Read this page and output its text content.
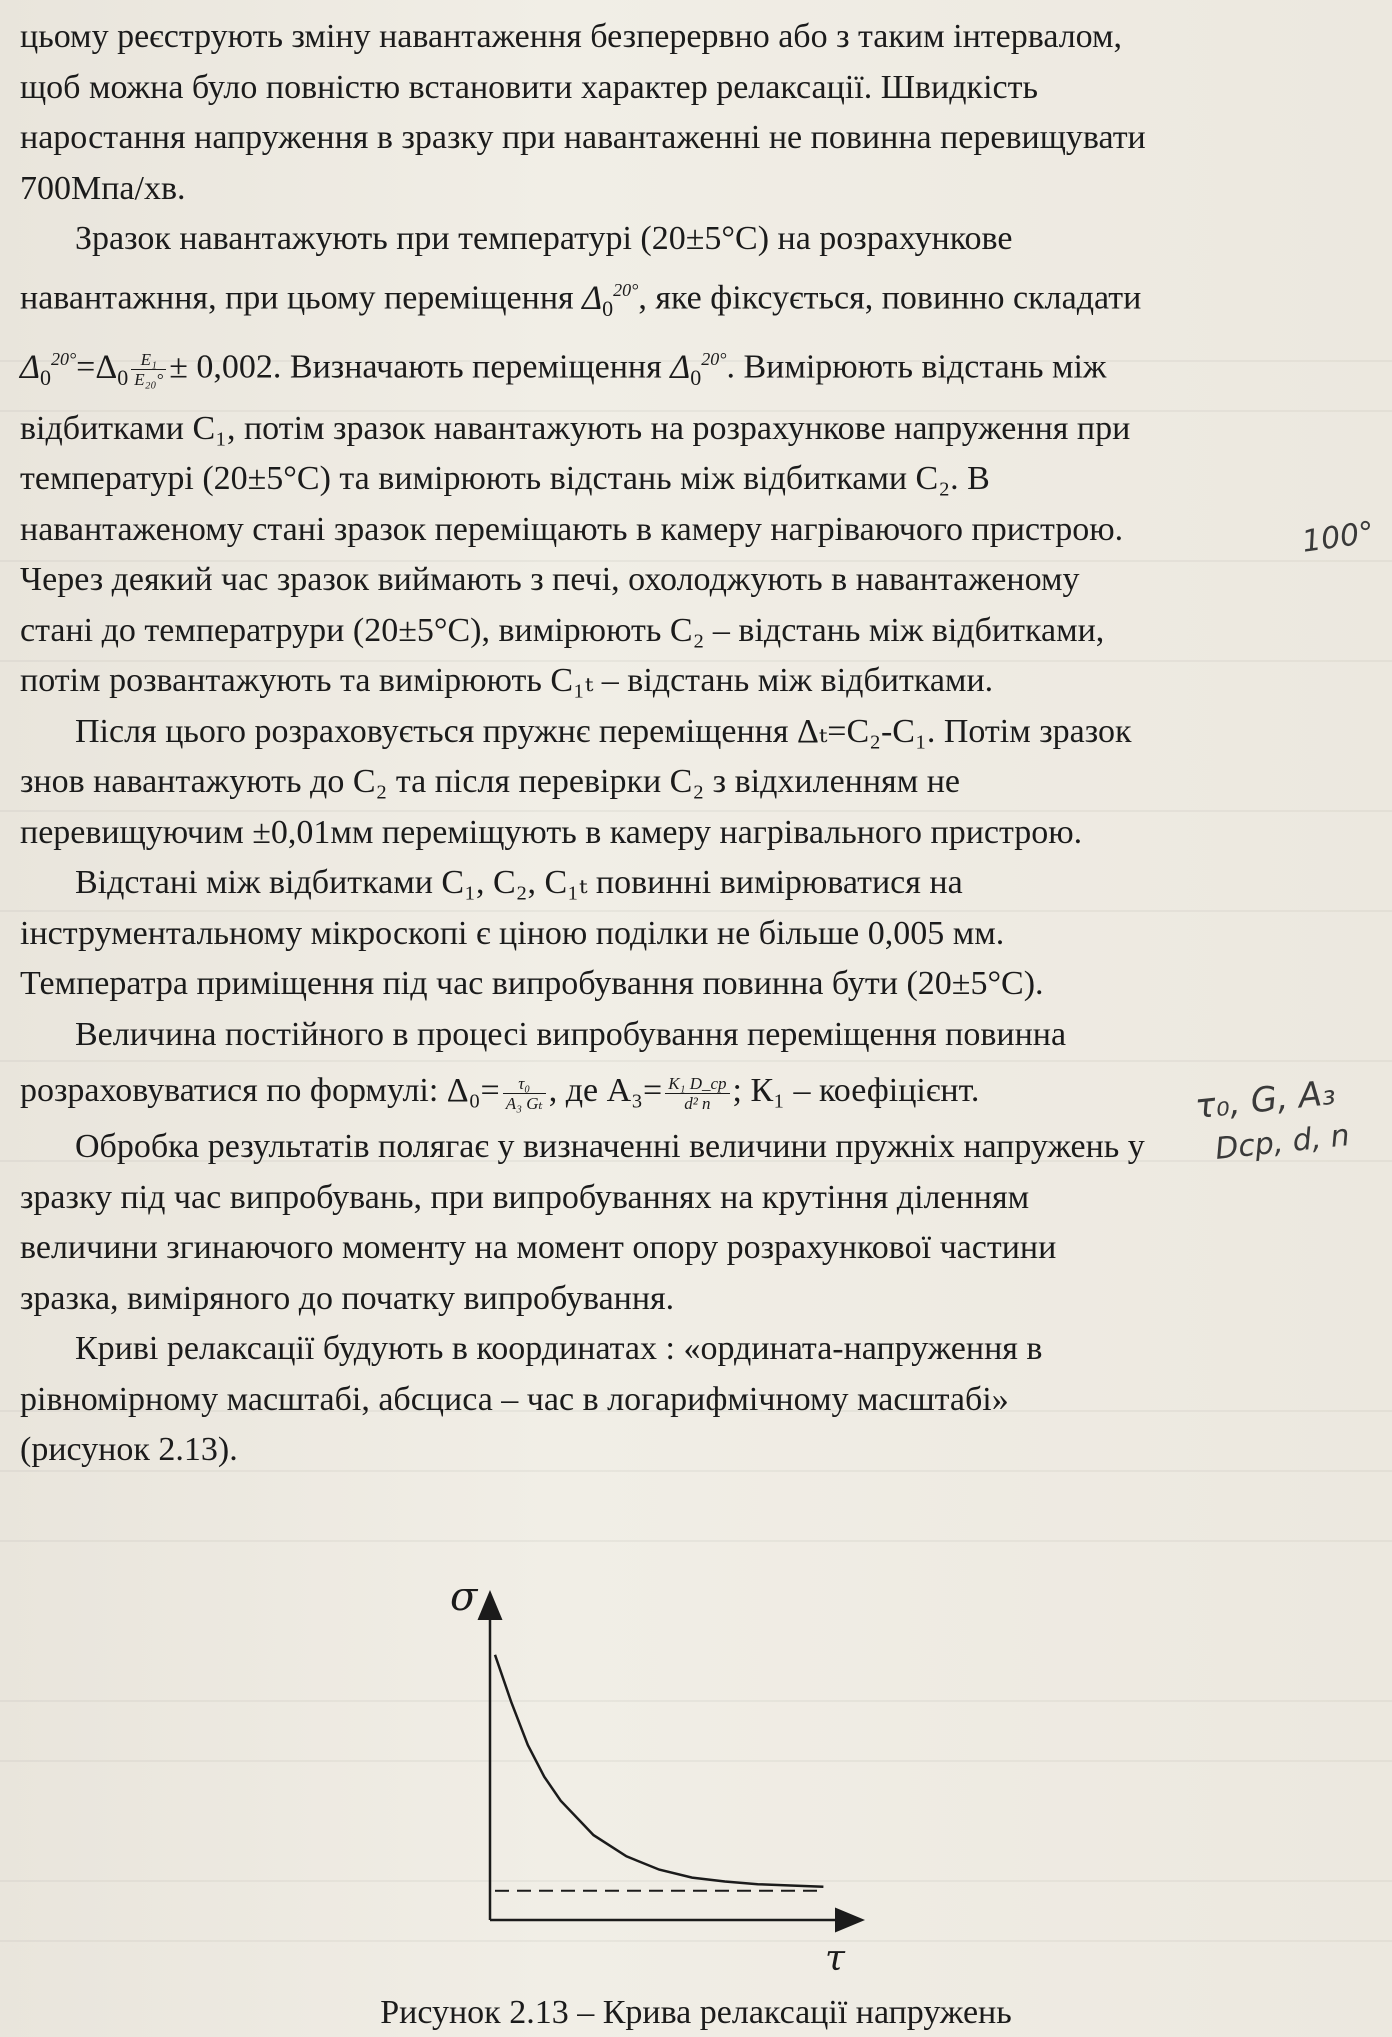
цьому реєструють зміну навантаження безперервно або з таким інтервалом,
щоб можна було повністю встановити характер релаксації. Швидкість
наростання напруження в зразку при навантаженні не повинна перевищувати
700Мпа/хв.

Зразок навантажують при температурі (20±5°С) на розрахункове
навантажння, при цьому переміщення $\Delta_0^{20^\circ}$, яке фіксується, повинно складати
$\Delta_0^{20^\circ}=\Delta_0 \frac{\text{E₁}}{\text{E₂₀°}} \pm 0,002$. Визначають переміщення $\Delta_0^{20^\circ}$. Вимірюють відстань між
відбитками С₁, потім зразок навантажують на розрахункове напруження при
температурі (20±5°С) та вимірюють відстань між відбитками С₂. В
навантаженому стані зразок переміщають в камеру нагріваючого пристрою.
Через деякий час зразок виймають з печі, охолоджують в навантаженому
стані до температрури (20±5°С), вимірюють С₂ – відстань між відбитками,
потім розвантажують та вимірюють С₁ₜ – відстань між відбитками.

Після цього розраховується пружнє переміщення Δₜ=С₂-С₁. Потім зразок
знов навантажують до С₂ та після перевірки С₂ з відхиленням не
перевищуючим ±0,01мм переміщують в камеру нагрівального пристрою.

Відстані між відбитками С₁, С₂, С₁ₜ повинні вимірюватися на
інструментальному мікроскопі є ціною поділки не більше 0,005 мм.
Температра приміщення під час випробування повинна бути (20±5°С).

Величина постійного в процесі випробування переміщення повинна
розраховуватися по формулі: $\Delta_0= \frac{\text{τ₀}}{\text{A₃ Gₜ}}$ , де $А_3= \frac{\text{K₁ D\_cp}}{\text{d² n}}$ ; К₁ – коефіцієнт.

Обробка результатів полягає у визначенні величини пружніх напружень у
зразку під час випробувань, при випробуваннях на крутіння діленням
величини згинаючого моменту на момент опору розрахункової частини
зразка, виміряного до початку випробування.

Криві релаксації будують в координатах : «ордината-напруження в
рівномірному масштабі, абсциса – час в логарифмічному масштабі»
(рисунок 2.13).

100°
τ₀, G, A₃
Dcp, d, n
σ
τ
Рисунок 2.13 – Крива релаксації напружень
